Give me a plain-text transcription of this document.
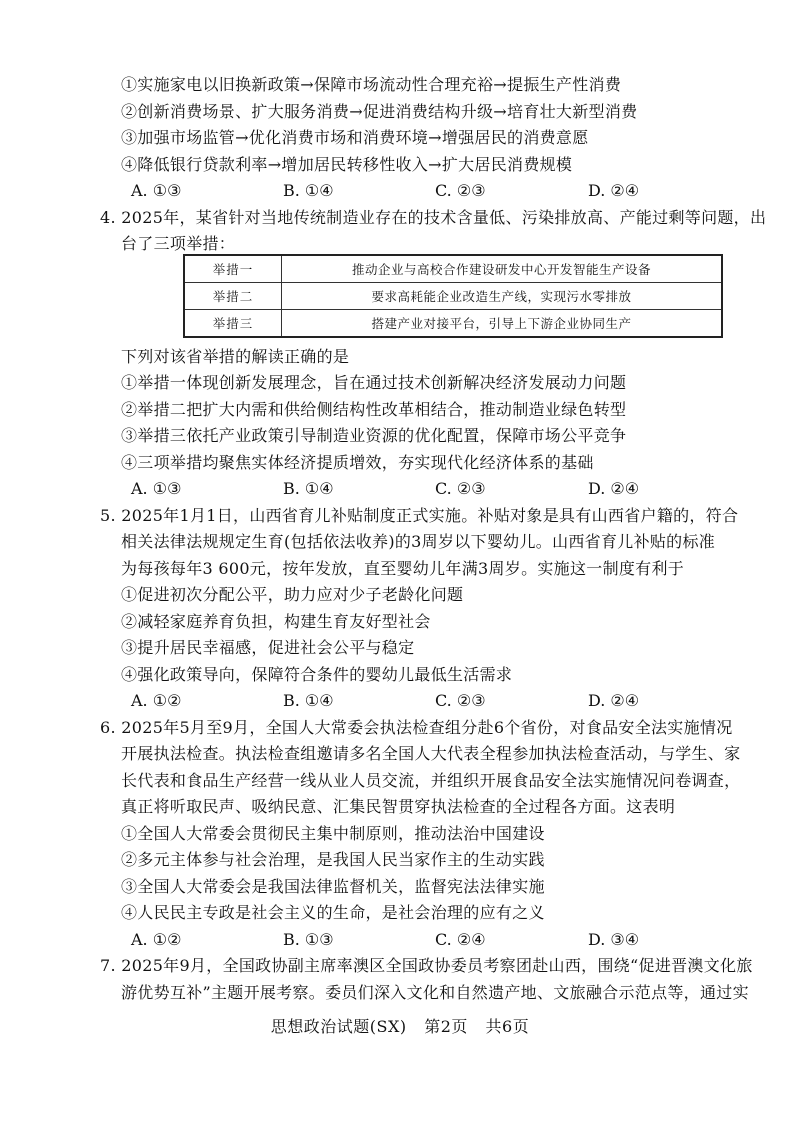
①实施家电以旧换新政策→保障市场流动性合理充裕→提振生产性消费
②创新消费场景、扩大服务消费→促进消费结构升级→培育壮大新型消费
③加强市场监管→优化消费市场和消费环境→增强居民的消费意愿
④降低银行贷款利率→增加居民转移性收入→扩大居民消费规模
A. ①③	B. ①④	C. ②③	D. ②④
4. 2025年，某省针对当地传统制造业存在的技术含量低、污染排放高、产能过剩等问题，出
台了三项举措：
举措一	推动企业与高校合作建设研发中心开发智能生产设备
举措二	要求高耗能企业改造生产线，实现污水零排放
举措三	搭建产业对接平台，引导上下游企业协同生产
下列对该省举措的解读正确的是
①举措一体现创新发展理念，旨在通过技术创新解决经济发展动力问题
②举措二把扩大内需和供给侧结构性改革相结合，推动制造业绿色转型
③举措三依托产业政策引导制造业资源的优化配置，保障市场公平竞争
④三项举措均聚焦实体经济提质增效，夯实现代化经济体系的基础
A. ①③	B. ①④	C. ②③	D. ②④
5. 2025年1月1日，山西省育儿补贴制度正式实施。补贴对象是具有山西省户籍的，符合
相关法律法规规定生育(包括依法收养)的3周岁以下婴幼儿。山西省育儿补贴的标准
为每孩每年3 600元，按年发放，直至婴幼儿年满3周岁。实施这一制度有利于
①促进初次分配公平，助力应对少子老龄化问题
②减轻家庭养育负担，构建生育友好型社会
③提升居民幸福感，促进社会公平与稳定
④强化政策导向，保障符合条件的婴幼儿最低生活需求
A. ①②	B. ①④	C. ②③	D. ②④
6. 2025年5月至9月，全国人大常委会执法检查组分赴6个省份，对食品安全法实施情况
开展执法检查。执法检查组邀请多名全国人大代表全程参加执法检查活动，与学生、家
长代表和食品生产经营一线从业人员交流，并组织开展食品安全法实施情况问卷调查，
真正将听取民声、吸纳民意、汇集民智贯穿执法检查的全过程各方面。这表明
①全国人大常委会贯彻民主集中制原则，推动法治中国建设
②多元主体参与社会治理，是我国人民当家作主的生动实践
③全国人大常委会是我国法律监督机关，监督宪法法律实施
④人民民主专政是社会主义的生命，是社会治理的应有之义
A. ①②	B. ①③	C. ②④	D. ③④
7. 2025年9月，全国政协副主席率澳区全国政协委员考察团赴山西，围绕“促进晋澳文化旅
游优势互补”主题开展考察。委员们深入文化和自然遗产地、文旅融合示范点等，通过实
思想政治试题(SX) 第2页 共6页
